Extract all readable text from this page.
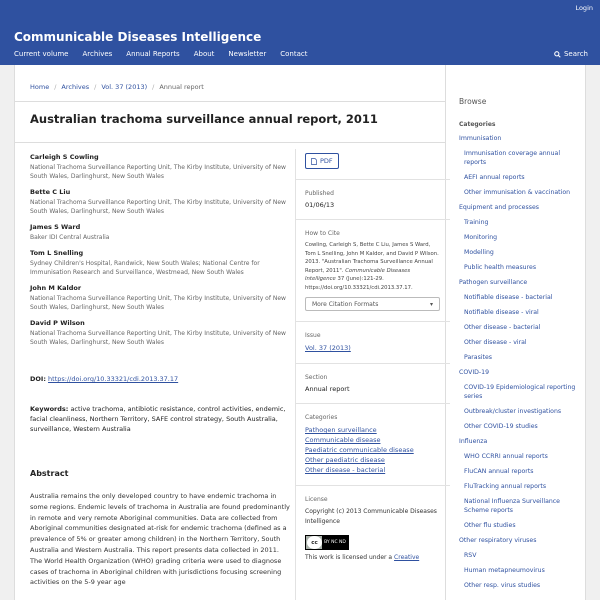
Login
Communicable Diseases Intelligence
Current volume Archives Annual Reports About Newsletter Contact	Search
Home / Archives / Vol. 37 (2013) / Annual report
Australian trachoma surveillance annual report, 2011
Carleigh S Cowling
National Trachoma Surveillance Reporting Unit, The Kirby Institute, University of New South Wales, Darlinghurst, New South Wales
Bette C Liu
National Trachoma Surveillance Reporting Unit, The Kirby Institute, University of New South Wales, Darlinghurst, New South Wales
James S Ward
Baker IDI Central Australia
Tom L Snelling
Sydney Children's Hospital, Randwick, New South Wales; National Centre for Immunisation Research and Surveillance, Westmead, New South Wales
John M Kaldor
National Trachoma Surveillance Reporting Unit, The Kirby Institute, University of New South Wales, Darlinghurst, New South Wales
David P Wilson
National Trachoma Surveillance Reporting Unit, The Kirby Institute, University of New South Wales, Darlinghurst, New South Wales
DOI: https://doi.org/10.33321/cdi.2013.37.17
Keywords: active trachoma, antibiotic resistance, control activities, endemic, facial cleanliness, Northern Territory, SAFE control strategy, South Australia, surveillance, Western Australia
Abstract

Australia remains the only developed country to have endemic trachoma in some regions. Endemic levels of trachoma in Australia are found predominantly in remote and very remote Aboriginal communities. Data are collected from Aboriginal communities designated at-risk for endemic trachoma (defined as a prevalence of 5% or greater among children) in the Northern Territory, South Australia and Western Australia. This report presents data collected in 2011. The World Health Organization (WHO) grading criteria were used to diagnose cases of trachoma in Aboriginal children with jurisdictions focusing screening activities on the 5-9 year age

PDF
Published
01/06/13
How to Cite
Cowling, Carleigh S, Bette C Liu, James S Ward, Tom L Snelling, John M Kaldor, and David P Wilson. 2013. "Australian Trachoma Surveillance Annual Report, 2011". Communicable Diseases Intelligence 37 (June):121-29. https://doi.org/10.33321/cdi.2013.37.17.
More Citation Formats	▾
Issue
Vol. 37 (2013)
Section
Annual report
Categories
Pathogen surveillance
Communicable disease
Paediatric communicable disease
Other paediatric disease
Other disease - bacterial
License
Copyright (c) 2013 Communicable Diseases Intelligence
cc	BY NC ND
This work is licensed under a Creative
Browse
Categories
Immunisation
Immunisation coverage annual reports
AEFI annual reports
Other immunisation & vaccination
Equipment and processes
Training
Monitoring
Modelling
Public health measures
Pathogen surveillance
Notifiable disease - bacterial
Notifiable disease - viral
Other disease - bacterial
Other disease - viral
Parasites
COVID-19
COVID-19 Epidemiological reporting series
Outbreak/cluster investigations
Other COVID-19 studies
Influenza
WHO CCRRI annual reports
FluCAN annual reports
FluTracking annual reports
National Influenza Surveillance Scheme reports
Other flu studies
Other respiratory viruses
RSV
Human metapneumovirus
Other resp. virus studies
